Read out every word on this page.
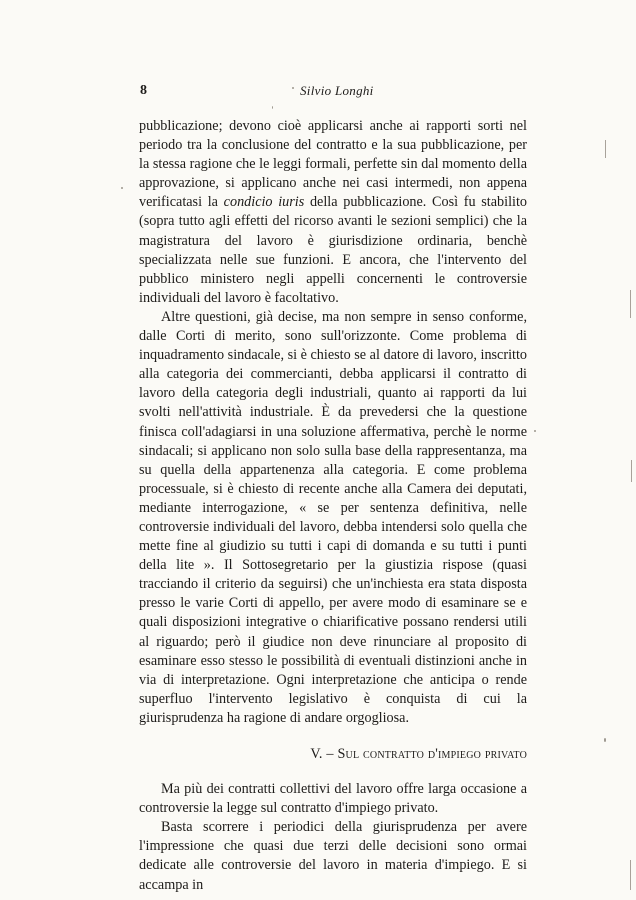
8	Silvio Longhi

pubblicazione; devono cioè applicarsi anche ai rapporti sorti nel periodo tra la conclusione del contratto e la sua pubblicazione, per la stessa ragione che le leggi formali, perfette sin dal momento della approvazione, si applicano anche nei casi intermedi, non appena verificatasi la condicio iuris della pubblicazione. Così fu stabilito (sopra tutto agli effetti del ricorso avanti le sezioni semplici) che la magistratura del lavoro è giurisdizione ordinaria, benchè specializzata nelle sue funzioni. E ancora, che l'intervento del pubblico ministero negli appelli concernenti le controversie individuali del lavoro è facoltativo.

Altre questioni, già decise, ma non sempre in senso conforme, dalle Corti di merito, sono sull'orizzonte. Come problema di inquadramento sindacale, si è chiesto se al datore di lavoro, inscritto alla categoria dei commercianti, debba applicarsi il contratto di lavoro della categoria degli industriali, quanto ai rapporti da lui svolti nell'attività industriale. È da prevedersi che la questione finisca coll'adagiarsi in una soluzione affermativa, perchè le norme sindacali; si applicano non solo sulla base della rappresentanza, ma su quella della appartenenza alla categoria. E come problema processuale, si è chiesto di recente anche alla Camera dei deputati, mediante interrogazione, « se per sentenza definitiva, nelle controversie individuali del lavoro, debba intendersi solo quella che mette fine al giudizio su tutti i capi di domanda e su tutti i punti della lite ». Il Sottosegretario per la giustizia rispose (quasi tracciando il criterio da seguirsi) che un'inchiesta era stata disposta presso le varie Corti di appello, per avere modo di esaminare se e quali disposizioni integrative o chiarificative possano rendersi utili al riguardo; però il giudice non deve rinunciare al proposito di esaminare esso stesso le possibilità di eventuali distinzioni anche in via di interpretazione. Ogni interpretazione che anticipa o rende superfluo l'intervento legislativo è conquista di cui la giurisprudenza ha ragione di andare orgogliosa.

V. – Sul contratto d'impiego privato

Ma più dei contratti collettivi del lavoro offre larga occasione a controversie la legge sul contratto d'impiego privato.

Basta scorrere i periodici della giurisprudenza per avere l'impressione che quasi due terzi delle decisioni sono ormai dedicate alle controversie del lavoro in materia d'impiego. E si accampa in
